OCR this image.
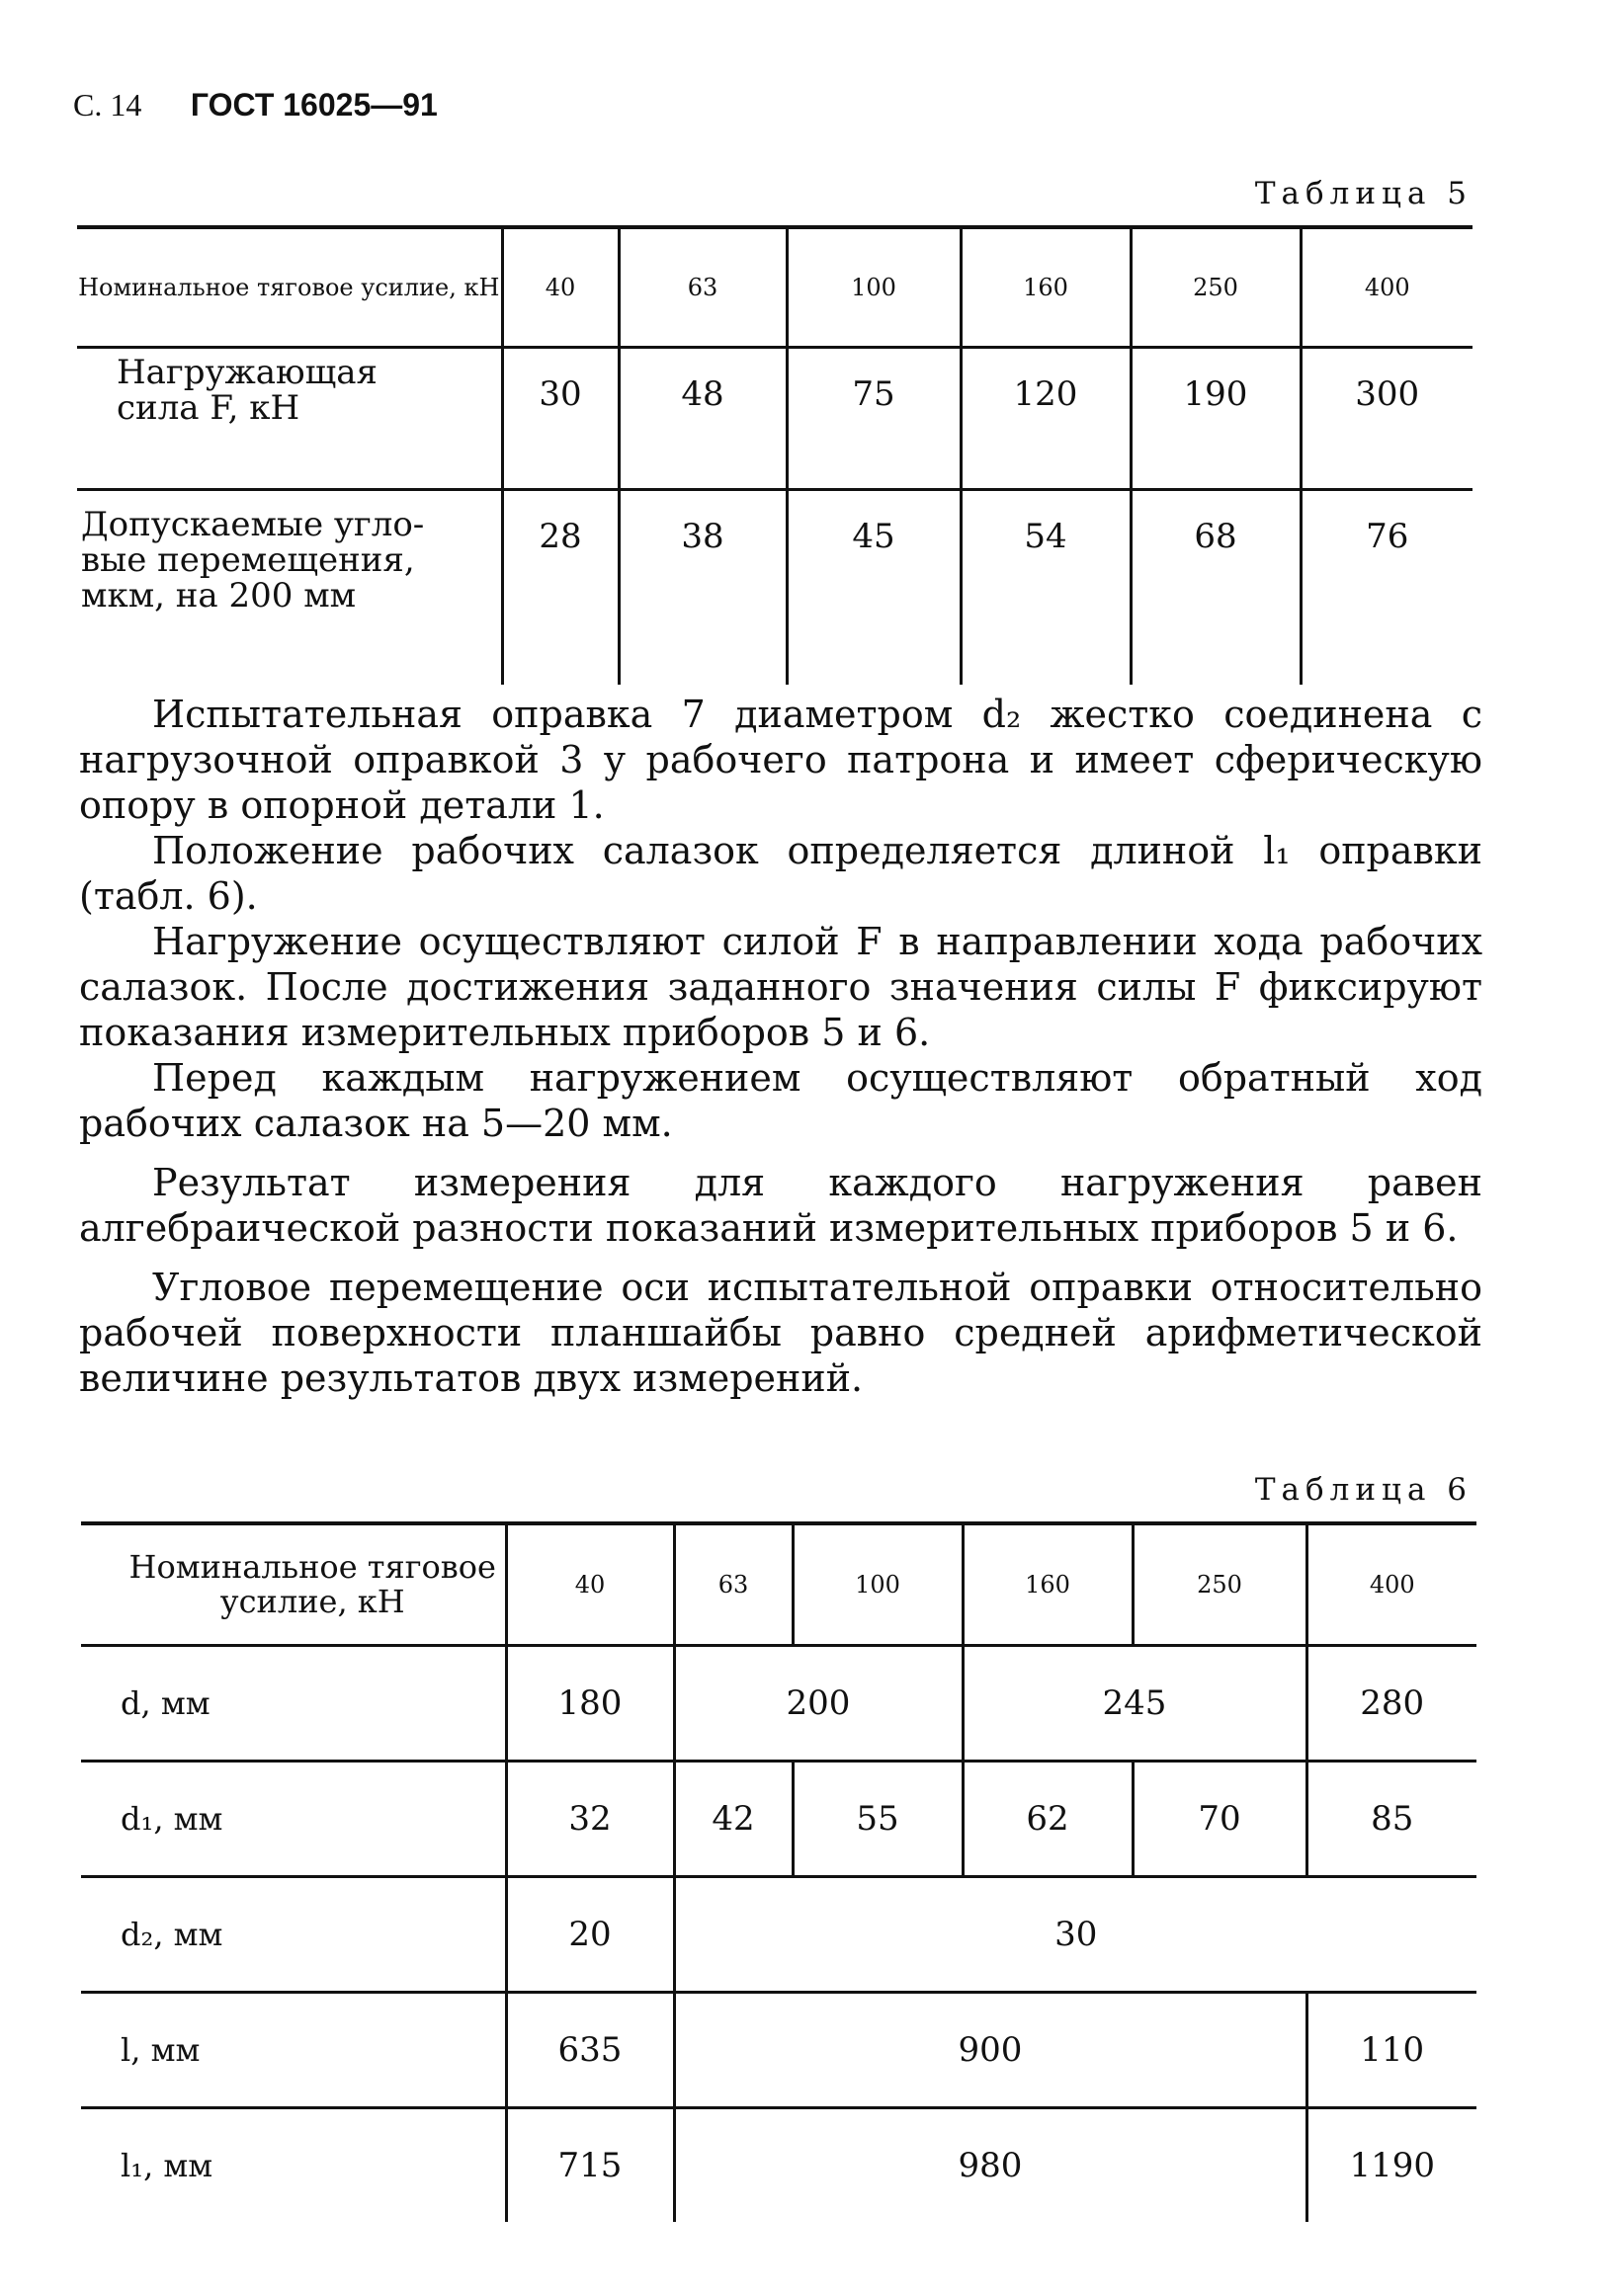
С. 14 ГОСТ 16025—91
Таблица 5
Номинальное тяговое усилие, кН	40	63	100	160	250	400

Нагружающая
сила F, кН	30	48	75	120	190	300

Допускаемые угло-
вые перемещения,
мкм, на 200 мм	28	38	45	54	68	76

Испытательная оправка 7 диаметром d₂ жестко соединена с нагрузочной оправкой 3 у рабочего патрона и имеет сферическую опору в опорной детали 1.

Положение рабочих салазок определяется длиной l₁ оправки (табл. 6).

Нагружение осуществляют силой F в направлении хода рабочих салазок. После достижения заданного значения силы F фиксируют показания измерительных приборов 5 и 6.

Перед каждым нагружением осуществляют обратный ход рабочих салазок на 5—20 мм.

Результат измерения для каждого нагружения равен алгебраической разности показаний измерительных приборов 5 и 6.

Угловое перемещение оси испытательной оправки относительно рабочей поверхности планшайбы равно средней арифметической величине результатов двух измерений.

Таблица 6
Номинальное тяговое усилие, кН	40	63	100	160	250	400
d, мм	180	200		245		280
d₁, мм	32	42	55	62	70	85
d₂, мм	20	30				
l, мм	635	900				110
l₁, мм	715	980				1190
